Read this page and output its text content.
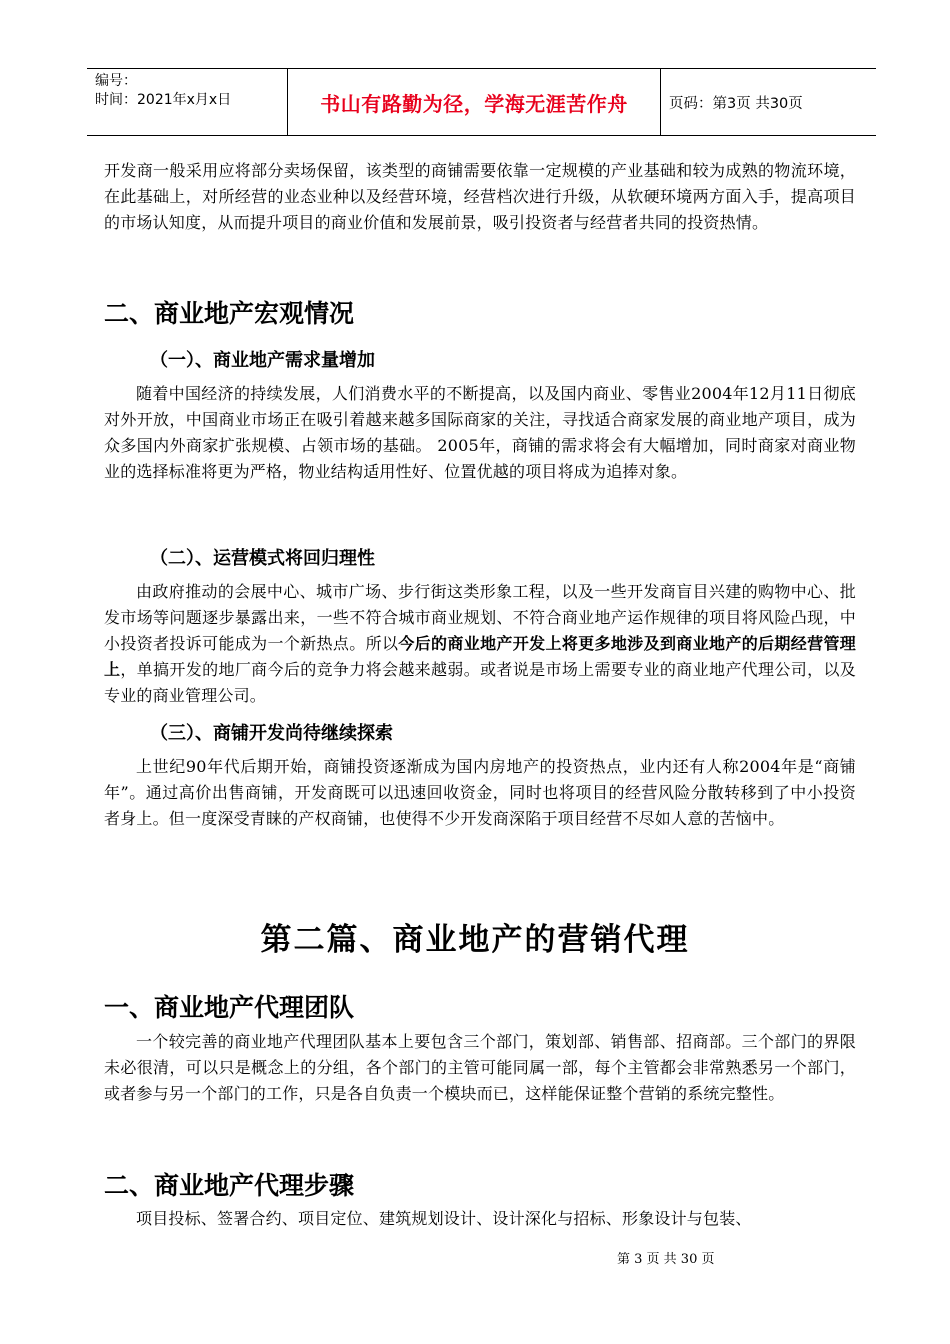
编号：
时间：2021年x月x日	书山有路勤为径，学海无涯苦作舟	页码：第3页 共30页

开发商一般采用应将部分卖场保留，该类型的商铺需要依靠一定规模的产业基础和较为成熟的物流环境，在此基础上，对所经营的业态业种以及经营环境，经营档次进行升级，从软硬环境两方面入手，提高项目的市场认知度，从而提升项目的商业价值和发展前景，吸引投资者与经营者共同的投资热情。

二、商业地产宏观情况
（一）、商业地产需求量增加

随着中国经济的持续发展，人们消费水平的不断提高，以及国内商业、零售业2004年12月11日彻底对外开放，中国商业市场正在吸引着越来越多国际商家的关注，寻找适合商家发展的商业地产项目，成为众多国内外商家扩张规模、占领市场的基础。 2005年，商铺的需求将会有大幅增加，同时商家对商业物业的选择标准将更为严格，物业结构适用性好、位置优越的项目将成为追捧对象。

（二）、运营模式将回归理性

由政府推动的会展中心、城市广场、步行街这类形象工程，以及一些开发商盲目兴建的购物中心、批发市场等问题逐步暴露出来，一些不符合城市商业规划、不符合商业地产运作规律的项目将风险凸现，中小投资者投诉可能成为一个新热点。所以今后的商业地产开发上将更多地涉及到商业地产的后期经营管理上，单搞开发的地厂商今后的竞争力将会越来越弱。或者说是市场上需要专业的商业地产代理公司，以及专业的商业管理公司。

（三）、商铺开发尚待继续探索

上世纪90年代后期开始，商铺投资逐渐成为国内房地产的投资热点，业内还有人称2004年是“商铺年”。通过高价出售商铺，开发商既可以迅速回收资金，同时也将项目的经营风险分散转移到了中小投资者身上。但一度深受青睐的产权商铺，也使得不少开发商深陷于项目经营不尽如人意的苦恼中。

第二篇、商业地产的营销代理
一、商业地产代理团队

一个较完善的商业地产代理团队基本上要包含三个部门，策划部、销售部、招商部。三个部门的界限未必很清，可以只是概念上的分组，各个部门的主管可能同属一部，每个主管都会非常熟悉另一个部门，或者参与另一个部门的工作，只是各自负责一个模块而已，这样能保证整个营销的系统完整性。

二、商业地产代理步骤

项目投标、签署合约、项目定位、建筑规划设计、设计深化与招标、形象设计与包装、

第 3 页 共 30 页
